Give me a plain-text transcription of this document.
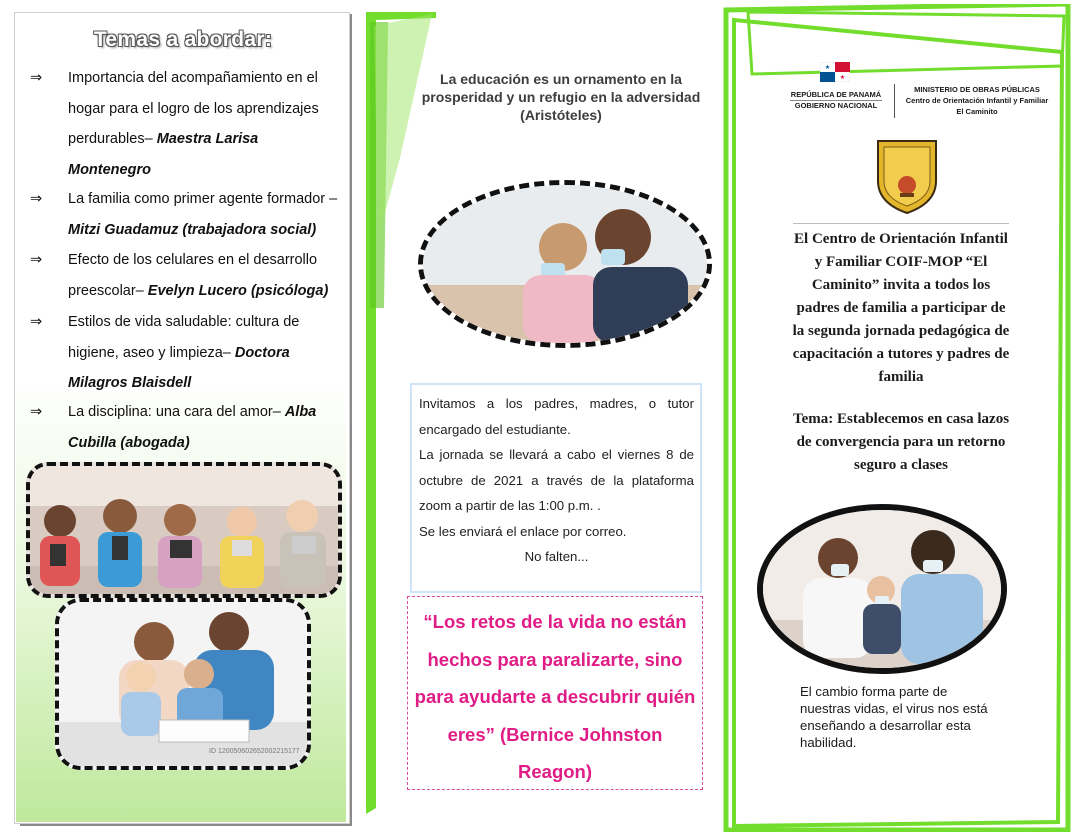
Temas a abordar:
⇒	Importancia del acompañamiento en el hogar para el logro de los aprendizajes perdurables– Maestra Larisa Montenegro
⇒	La familia como primer agente formador – Mitzi Guadamuz (trabajadora social)
⇒	Efecto de los celulares en el desarrollo preescolar– Evelyn Lucero (psicóloga)
⇒	Estilos de vida saludable: cultura de higiene, aseo y limpieza– Doctora Milagros Blaisdell
⇒	La disciplina: una cara del amor– Alba Cubilla (abogada)
ID 120050602652002215177
La educación es un ornamento en la prosperidad y un refugio en la adversidad (Aristóteles)

Invitamos a los padres, madres, o tutor encargado del estudiante.

La jornada se llevará a cabo el viernes 8 de octubre de 2021 a través de la plataforma zoom a partir de las 1:00 p.m. .

Se les enviará el enlace por correo.

No falten...

“Los retos de la vida no están hechos para paralizarte, sino para ayudarte a descubrir quién eres” (Bernice Johnston Reagon)
★
★
REPÚBLICA DE PANAMÁ
GOBIERNO NACIONAL
MINISTERIO DE OBRAS PÚBLICAS
Centro de Orientación Infantil y Familiar
El Caminito
El Centro de Orientación Infantil y Familiar COIF-MOP “El Caminito” invita a todos los padres de familia a participar de la segunda jornada pedagógica de capacitación a tutores y padres de familia
Tema: Establecemos en casa lazos de convergencia para un retorno seguro a clases
El cambio forma parte de nuestras vidas, el virus nos está enseñando a desarrollar esta habilidad.
